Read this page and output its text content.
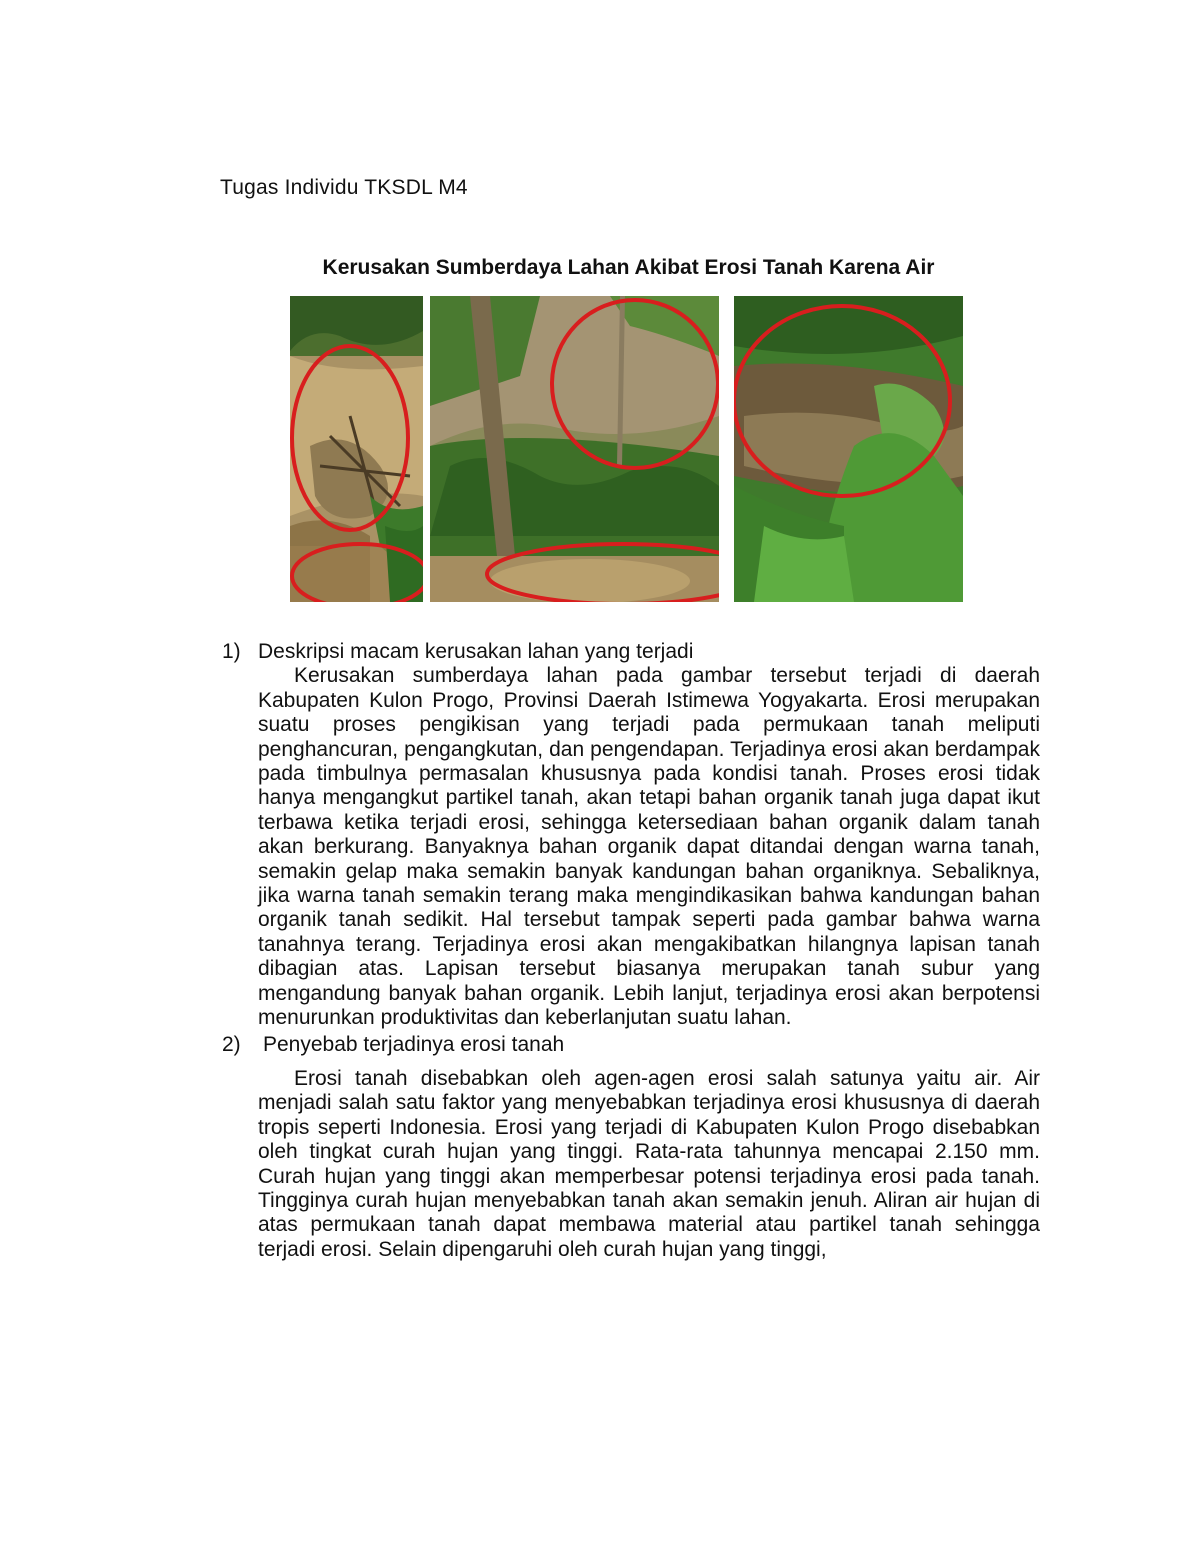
Tugas Individu TKSDL M4
Kerusakan Sumberdaya Lahan Akibat Erosi Tanah Karena Air
1) Deskripsi macam kerusakan lahan yang terjadi
Kerusakan sumberdaya lahan pada gambar tersebut terjadi di daerah Kabupaten Kulon Progo, Provinsi Daerah Istimewa Yogyakarta. Erosi merupakan suatu proses pengikisan yang terjadi pada permukaan tanah meliputi penghancuran, pengangkutan, dan pengendapan. Terjadinya erosi akan berdampak pada timbulnya permasalan khususnya pada kondisi tanah. Proses erosi tidak hanya mengangkut partikel tanah, akan tetapi bahan organik tanah juga dapat ikut terbawa ketika terjadi erosi, sehingga ketersediaan bahan organik dalam tanah akan berkurang. Banyaknya bahan organik dapat ditandai dengan warna tanah, semakin gelap maka semakin banyak kandungan bahan organiknya. Sebaliknya, jika warna tanah semakin terang maka mengindikasikan bahwa kandungan bahan organik tanah sedikit. Hal tersebut tampak seperti pada gambar bahwa warna tanahnya terang. Terjadinya erosi akan mengakibatkan hilangnya lapisan tanah dibagian atas. Lapisan tersebut biasanya merupakan tanah subur yang mengandung banyak bahan organik. Lebih lanjut, terjadinya erosi akan berpotensi menurunkan produktivitas dan keberlanjutan suatu lahan.
2)	Penyebab terjadinya erosi tanah
Erosi tanah disebabkan oleh agen-agen erosi salah satunya yaitu air. Air menjadi salah satu faktor yang menyebabkan terjadinya erosi khususnya di daerah tropis seperti Indonesia. Erosi yang terjadi di Kabupaten Kulon Progo disebabkan oleh tingkat curah hujan yang tinggi. Rata-rata tahunnya mencapai 2.150 mm. Curah hujan yang tinggi akan memperbesar potensi terjadinya erosi pada tanah. Tingginya curah hujan menyebabkan tanah akan semakin jenuh. Aliran air hujan di atas permukaan tanah dapat membawa material atau partikel tanah sehingga terjadi erosi. Selain dipengaruhi oleh curah hujan yang tinggi,
